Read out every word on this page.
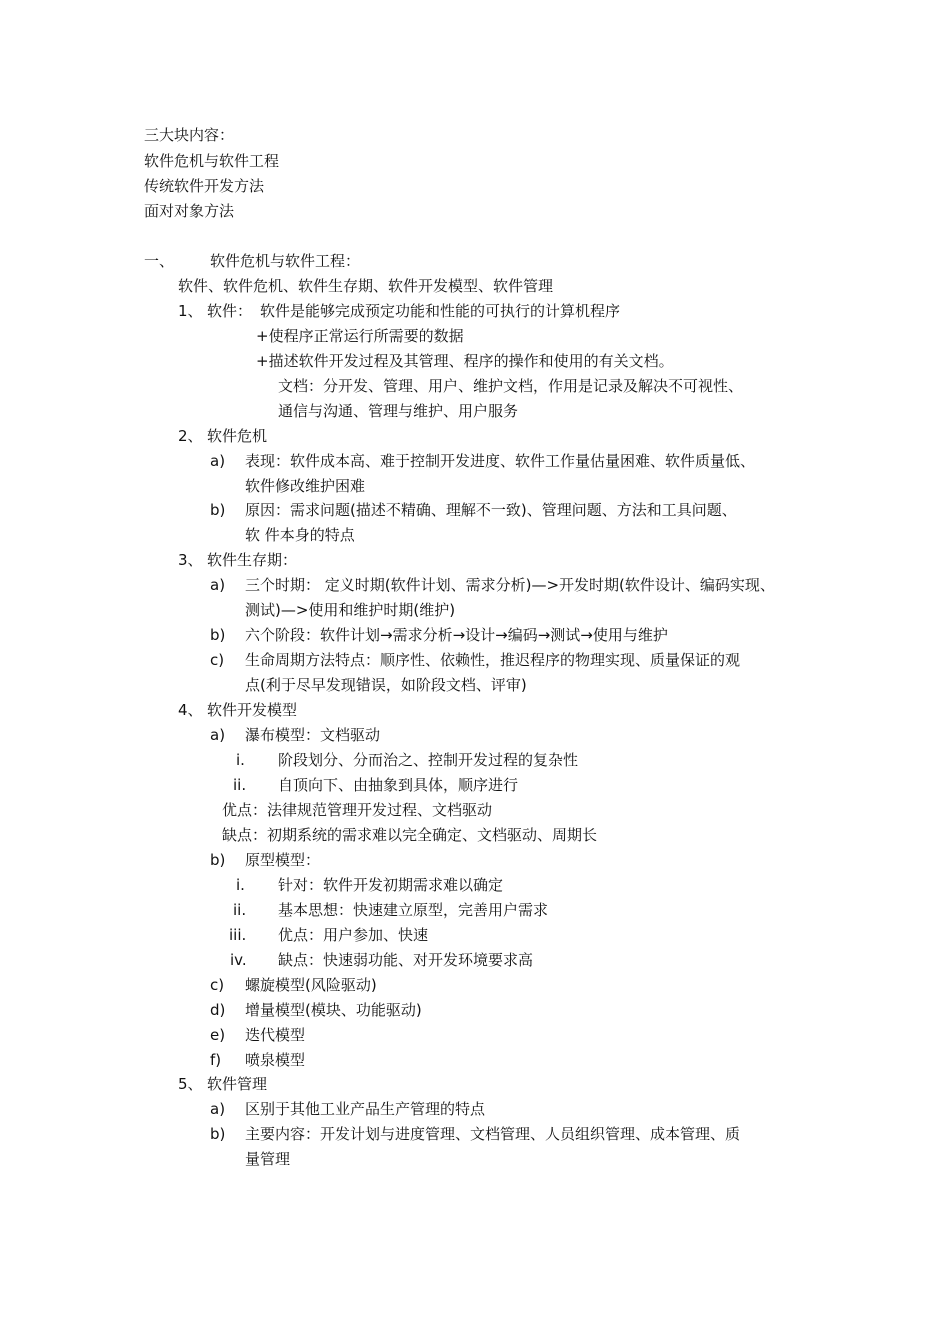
三大块内容：
软件危机与软件工程
传统软件开发方法
面对对象方法
一、 软件危机与软件工程：
软件、软件危机、软件生存期、软件开发模型、软件管理
1、 软件： 软件是能够完成预定功能和性能的可执行的计算机程序
+使程序正常运行所需要的数据
+描述软件开发过程及其管理、程序的操作和使用的有关文档。
文档：分开发、管理、用户、维护文档，作用是记录及解决不可视性、
通信与沟通、管理与维护、用户服务
2、 软件危机
a) 表现：软件成本高、难于控制开发进度、软件工作量估量困难、软件质量低、
软件修改维护困难
b) 原因：需求问题(描述不精确、理解不一致)、管理问题、方法和工具问题、
软 件本身的特点
3、 软件生存期：
a) 三个时期： 定义时期(软件计划、需求分析)—>开发时期(软件设计、编码实现、
测试)—>使用和维护时期(维护)
b) 六个阶段：软件计划→需求分析→设计→编码→测试→使用与维护
c) 生命周期方法特点：顺序性、依赖性，推迟程序的物理实现、质量保证的观
点(利于尽早发现错误，如阶段文档、评审)
4、 软件开发模型
a) 瀑布模型：文档驱动
i. 阶段划分、分而治之、控制开发过程的复杂性
ii. 自顶向下、由抽象到具体，顺序进行
优点：法律规范管理开发过程、文档驱动
缺点：初期系统的需求难以完全确定、文档驱动、周期长
b) 原型模型：
i. 针对：软件开发初期需求难以确定
ii. 基本思想：快速建立原型，完善用户需求
iii. 优点：用户参加、快速
iv. 缺点：快速弱功能、对开发环境要求高
c) 螺旋模型(风险驱动)
d) 增量模型(模块、功能驱动)
e) 迭代模型
f) 喷泉模型
5、 软件管理
a) 区别于其他工业产品生产管理的特点
b) 主要内容：开发计划与进度管理、文档管理、人员组织管理、成本管理、质
量管理
